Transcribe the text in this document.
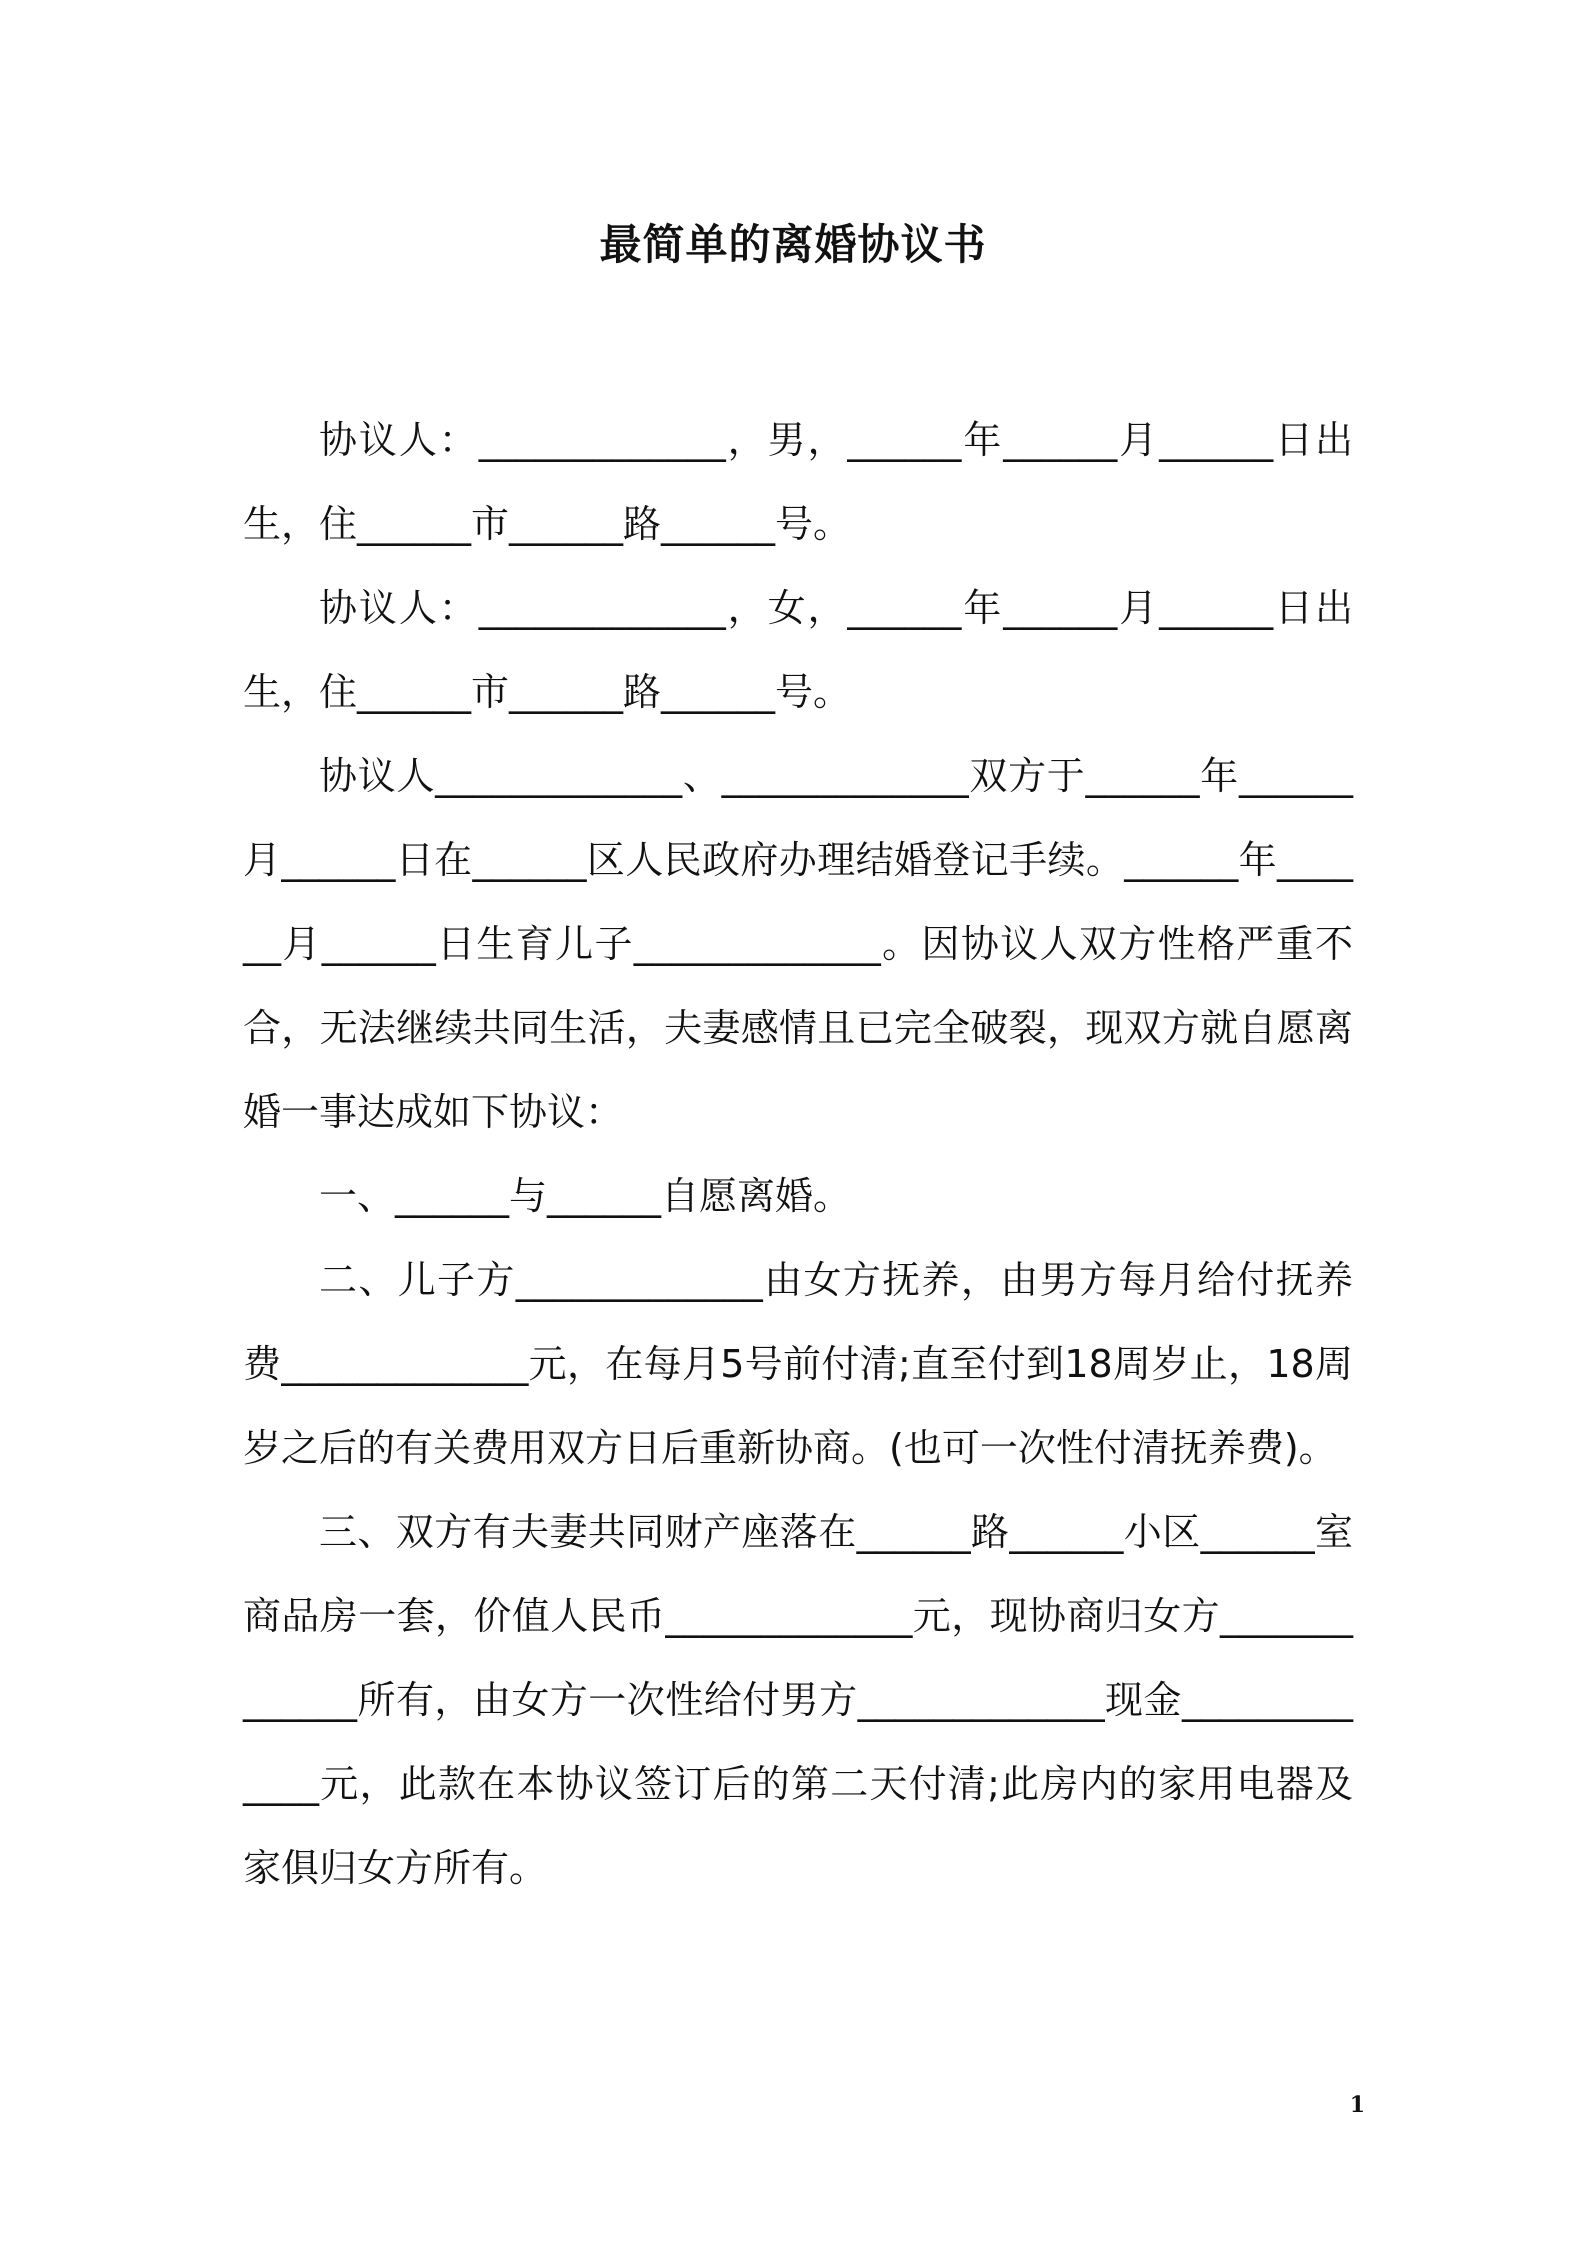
最简单的离婚协议书

协议人：_____________，男，______年______月______日出生，住______市______路______号。

协议人：_____________，女，______年______月______日出生，住______市______路______号。

协议人_____________、_____________双方于______年______月______日在______区人民政府办理结婚登记手续。______年______月______日生育儿子_____________。因协议人双方性格严重不合，无法继续共同生活，夫妻感情且已完全破裂，现双方就自愿离婚一事达成如下协议：

一、______与______自愿离婚。

二、儿子方_____________由女方抚养，由男方每月给付抚养费_____________元，在每月5号前付清;直至付到18周岁止，18周岁之后的有关费用双方日后重新协商。(也可一次性付清抚养费)。

三、双方有夫妻共同财产座落在______路______小区______室商品房一套，价值人民币_____________元，现协商归女方_____________所有，由女方一次性给付男方_____________现金_____________元，此款在本协议签订后的第二天付清;此房内的家用电器及家俱归女方所有。

1
